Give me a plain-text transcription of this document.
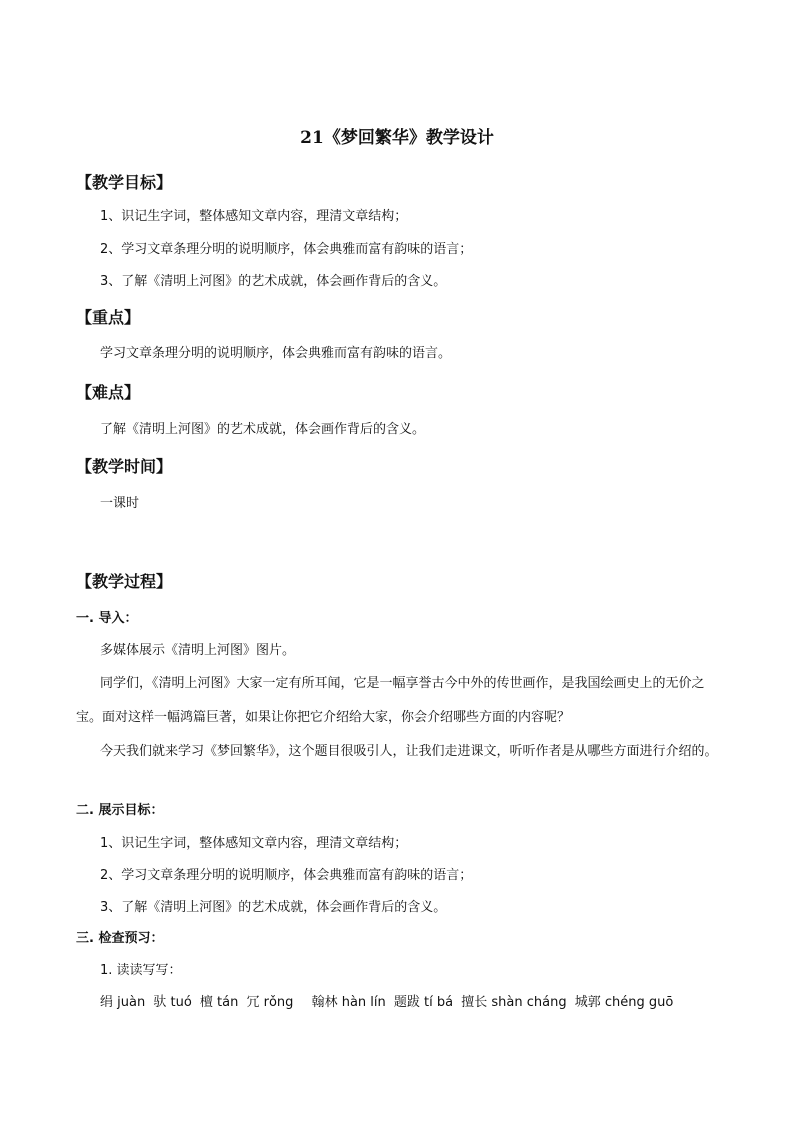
21《梦回繁华》教学设计
【教学目标】
1、识记生字词，整体感知文章内容，理清文章结构；
2、学习文章条理分明的说明顺序，体会典雅而富有韵味的语言；
3、了解《清明上河图》的艺术成就，体会画作背后的含义。
【重点】
学习文章条理分明的说明顺序，体会典雅而富有韵味的语言。
【难点】
了解《清明上河图》的艺术成就，体会画作背后的含义。
【教学时间】
一课时
【教学过程】
一. 导入：
多媒体展示《清明上河图》图片。

同学们，《清明上河图》大家一定有所耳闻，它是一幅享誉古今中外的传世画作，是我国绘画史上的无价之宝。面对这样一幅鸿篇巨著，如果让你把它介绍给大家，你会介绍哪些方面的内容呢？

今天我们就来学习《梦回繁华》，这个题目很吸引人，让我们走进课文，听听作者是从哪些方面进行介绍的。

二. 展示目标：
1、识记生字词，整体感知文章内容，理清文章结构；
2、学习文章条理分明的说明顺序，体会典雅而富有韵味的语言；
3、了解《清明上河图》的艺术成就，体会画作背后的含义。
三. 检查预习：
1. 读读写写：
绢 juàn 驮 tuó 檀 tán 冗 rǒng 翰林 hàn lín 题跋 tí bá 擅长 shàn cháng 城郭 chéng guō
